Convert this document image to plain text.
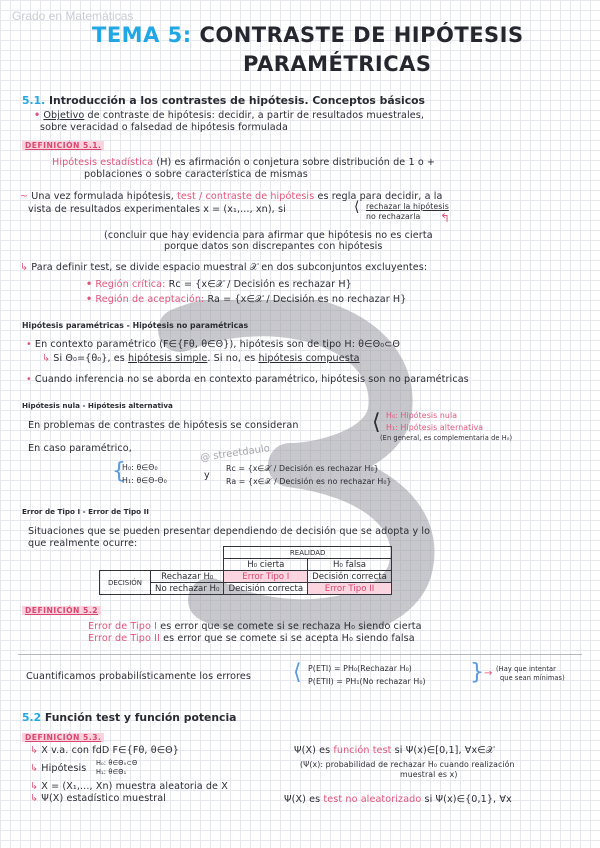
Grado en Matemáticas
@ streetdaulo
TEMA 5: CONTRASTE DE HIPÓTESIS
PARAMÉTRICAS
5.1. Introducción a los contrastes de hipótesis. Conceptos básicos
• Objetivo de contraste de hipótesis: decidir, a partir de resultados muestrales,
sobre veracidad o falsedad de hipótesis formulada
DEFINICIÓN 5.1.
Hipótesis estadística (H) es afirmación o conjetura sobre distribución de 1 o +
poblaciones o sobre característica de mismas
~ Una vez formulada hipótesis, test / contraste de hipótesis es regla para decidir, a la
vista de resultados experimentales x = (x₁,..., xn), si	⟨ rechazar la hipótesis
no rechazarla ↰
(concluir que hay evidencia para afirmar que hipótesis no es cierta
porque datos son discrepantes con hipótesis
↳ Para definir test, se divide espacio muestral 𝒳 en dos subconjuntos excluyentes:
• Región crítica: Rc = {x∈𝒳 / Decisión es rechazar H}
• Región de aceptación: Ra = {x∈𝒳 / Decisión es no rechazar H}
Hipótesis paramétricas - Hipótesis no paramétricas
• En contexto paramétrico (F∈{Fθ, θ∈Θ}), hipótesis son de tipo H: θ∈Θ₀⊂Θ
↳ Si Θ₀={θ₀}, es hipótesis simple. Si no, es hipótesis compuesta
• Cuando inferencia no se aborda en contexto paramétrico, hipótesis son no paramétricas
Hipótesis nula - Hipótesis alternativa
En problemas de contrastes de hipótesis se consideran	⟨ H₀: Hipótesis nula
H₁: Hipótesis alternativa
(En general, es complementaria de H₀)
En caso paramétrico,
{
H₀: θ∈Θ₀
H₁: θ∈Θ-Θ₀	y
Rc = {x∈𝒳 / Decisión es rechazar H₀}
Ra = {x∈𝒳 / Decisión es no rechazar H₀}
Error de Tipo I - Error de Tipo II
Situaciones que se pueden presentar dependiendo de decisión que se adopta y lo
que realmente ocurre:
		REALIDAD	
		H₀ cierta	H₀ falsa
DECISIÓN	Rechazar H₀	Error Tipo I	Decisión correcta
	No rechazar H₀	Decisión correcta	Error Tipo II
DEFINICIÓN 5.2
Error de Tipo I es error que se comete si se rechaza H₀ siendo cierta
Error de Tipo II es error que se comete si se acepta H₀ siendo falsa
Cuantificamos probabilísticamente los errores ⟨ P(ETI) = PH₀(Rechazar H₀)
P(ETII) = PH₁(No rechazar H₀) } → (Hay que intentar
que sean mínimas)
5.2 Función test y función potencia
DEFINICIÓN 5.3.
↳ X v.a. con fdD F∈{Fθ, θ∈Θ}
↳ Hipótesis H₀: θ∈Θ₀⊂Θ
H₁: θ∈Θ₁
↳ X = (X₁,..., Xn) muestra aleatoria de X
↳ Ψ(X) estadístico muestral
Ψ(X) es función test si Ψ(x)∈[0,1], ∀x∈𝒳
(Ψ(x): probabilidad de rechazar H₀ cuando realización
muestral es x)
Ψ(X) es test no aleatorizado si Ψ(x)∈{0,1}, ∀x
